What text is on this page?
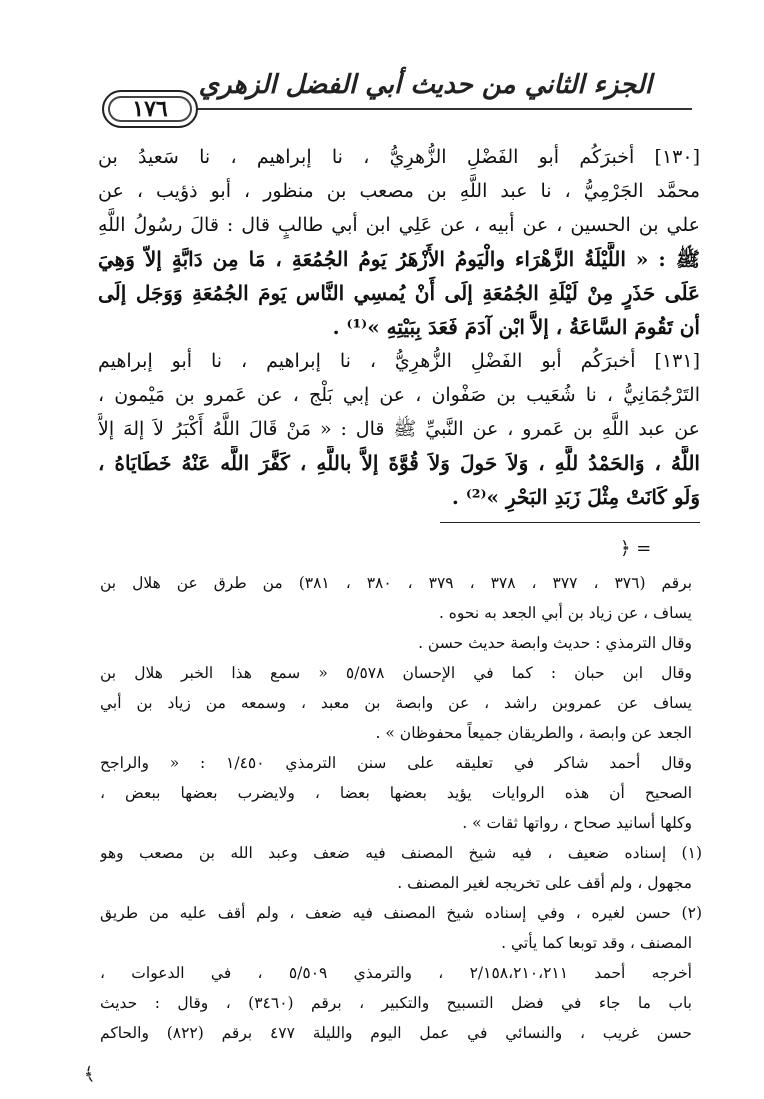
الجزء الثاني من حديث أبي الفضل الزهري
١٧٦
[١٣٠] أخبرَكُم أبو الفَضْلِ الزُّهرِيُّ ، نا إبراهيم ، نا سَعيدُ بن
محمَّد الجَرْمِيُّ ، نا عبد اللَّهِ بن مصعب بن منظور ، أبو ذؤيب ، عن
علي بن الحسين ، عن أبيه ، عن عَلِي ابن أبي طالبٍ قال : قالَ رسُولُ اللَّهِ
ﷺ : « اللَّيْلَةُ الزَّهْرَاء والْيَومُ الأَزْهَرُ يَومُ الجُمُعَةِ ، مَا مِن دَابَّةٍ إلاّ وَهِيَ
عَلَى حَذَرٍ مِنْ لَيْلَةِ الجُمُعَةِ إلَى أَنْ يُمسِي النَّاس يَومَ الجُمُعَةِ وَوَجَل إلَى
أن تَقُومَ السَّاعَةُ ، إلاَّ ابْن آدَمَ فَعَدَ بِبَيْتِهِ »⁽¹⁾ .
[١٣١] أخبرَكُم أبو الفَضْلِ الزُّهرِيُّ ، نا إبراهيم ، نا أبو إبراهيم
التَرْجُمَانِيُّ ، نا شُعَيب بن صَفْوان ، عن إبي بَلْج ، عن عَمرو بن مَيْمون ،
عن عبد اللَّهِ بن عَمرو ، عن النَّبيِّ ﷺ قال : « مَنْ قَالَ اللَّهُ أَكْبَرُ لاَ إلهَ إلاَّ
اللَّهُ ، وَالحَمْدُ للَّهِ ، وَلاَ حَولَ وَلاَ قُوَّةَ إلاَّ باللَّهِ ، كَفَّرَ اللَّه عَنْهُ خَطَايَاهُ ،
وَلَو كَانَتْ مِثْلَ زَبَدِ البَحْرِ »⁽²⁾ .
= ﴿
برقم (٣٧٦ ، ٣٧٧ ، ٣٧٨ ، ٣٧٩ ، ٣٨٠ ، ٣٨١) من طرق عن هلال بن
يساف ، عن زياد بن أبي الجعد به نحوه .
وقال الترمذي : حديث وابصة حديث حسن .
وقال ابن حبان : كما في الإحسان ٥/٥٧٨ « سمع هذا الخبر هلال بن
يساف عن عمروبن راشد ، عن وابصة بن معبد ، وسمعه من زياد بن أبي
الجعد عن وابصة ، والطريقان جميعاً محفوظان » .
وقال أحمد شاكر في تعليقه على سنن الترمذي ١/٤٥٠ : « والراجح
الصحيح أن هذه الروايات يؤيد بعضها بعضا ، ولايضرب بعضها ببعض ،
وكلها أسانيد صحاح ، رواتها ثقات » .
(١) إسناده ضعيف ، فيه شيخ المصنف فيه ضعف وعبد الله بن مصعب وهو
مجهول ، ولم أقف على تخريجه لغير المصنف .
(٢) حسن لغيره ، وفي إسناده شيخ المصنف فيه ضعف ، ولم أقف عليه من طريق
المصنف ، وقد توبعا كما يأتي .
أخرجه أحمد ٢/١٥٨،٢١٠،٢١١ ، والترمذي ٥/٥٠٩ ، في الدعوات ،
باب ما جاء في فضل التسبيح والتكبير ، برقم (٣٤٦٠) ، وقال : حديث
حسن غريب ، والنسائي في عمل اليوم والليلة ٤٧٧ برقم (٨٢٢) والحاكم
﴾
